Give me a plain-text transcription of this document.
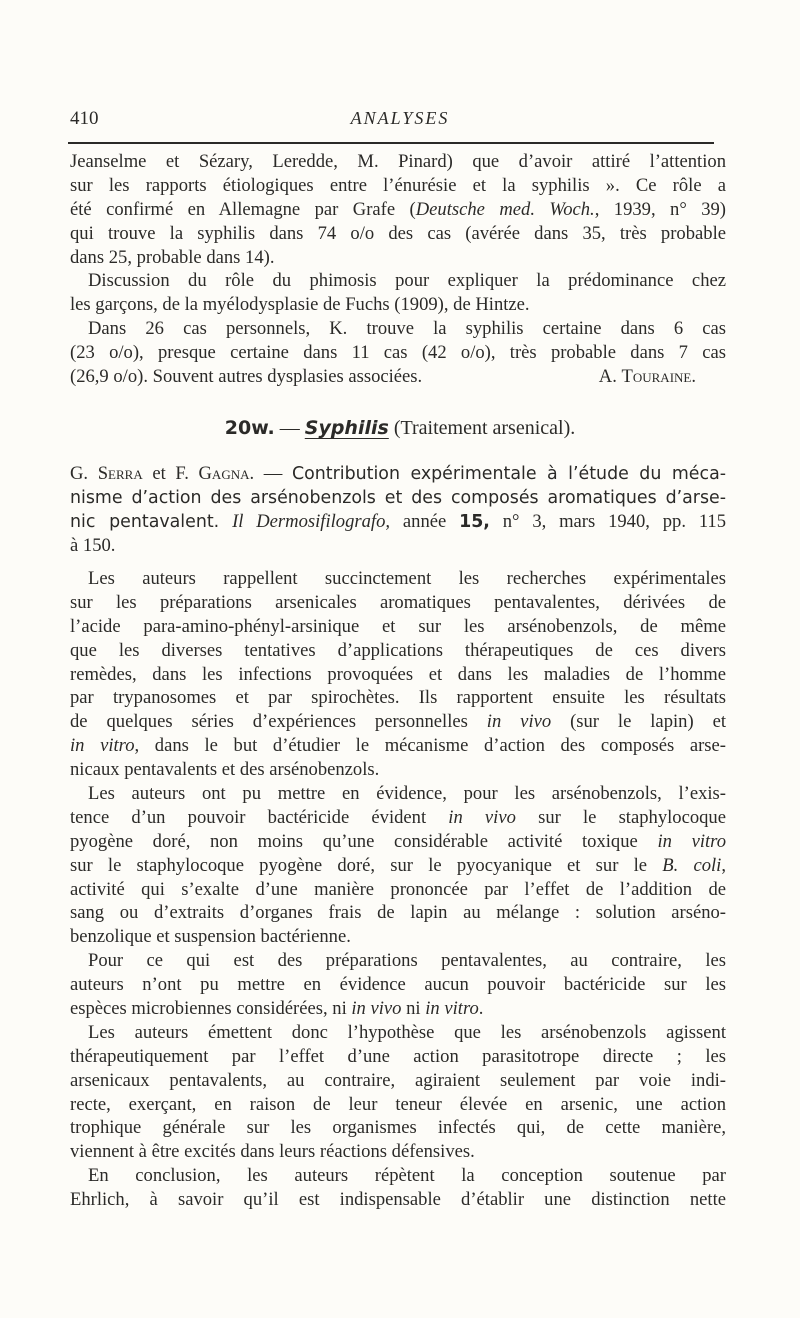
410	ANALYSES
Jeanselme et Sézary, Leredde, M. Pinard) que d’avoir attiré l’attention
sur les rapports étiologiques entre l’énurésie et la syphilis ». Ce rôle a
été confirmé en Allemagne par Grafe (Deutsche med. Woch., 1939, n° 39)
qui trouve la syphilis dans 74 o/o des cas (avérée dans 35, très probable
dans 25, probable dans 14).
Discussion du rôle du phimosis pour expliquer la prédominance chez
les garçons, de la myélodysplasie de Fuchs (1909), de Hintze.
Dans 26 cas personnels, K. trouve la syphilis certaine dans 6 cas
(23 o/o), presque certaine dans 11 cas (42 o/o), très probable dans 7 cas
(26,9 o/o). Souvent autres dysplasies associées.	A. Touraine.
20w. — Syphilis (Traitement arsenical).
G. Serra et F. Gagna. — Contribution expérimentale à l’étude du méca-
nisme d’action des arsénobenzols et des composés aromatiques d’arse-
nic pentavalent. Il Dermosifilografo, année 15, n° 3, mars 1940, pp. 115
à 150.
Les auteurs rappellent succinctement les recherches expérimentales
sur les préparations arsenicales aromatiques pentavalentes, dérivées de
l’acide para-amino-phényl-arsinique et sur les arsénobenzols, de même
que les diverses tentatives d’applications thérapeutiques de ces divers
remèdes, dans les infections provoquées et dans les maladies de l’homme
par trypanosomes et par spirochètes. Ils rapportent ensuite les résultats
de quelques séries d’expériences personnelles in vivo (sur le lapin) et
in vitro, dans le but d’étudier le mécanisme d’action des composés arse-
nicaux pentavalents et des arsénobenzols.
Les auteurs ont pu mettre en évidence, pour les arsénobenzols, l’exis-
tence d’un pouvoir bactéricide évident in vivo sur le staphylocoque
pyogène doré, non moins qu’une considérable activité toxique in vitro
sur le staphylocoque pyogène doré, sur le pyocyanique et sur le B. coli,
activité qui s’exalte d’une manière prononcée par l’effet de l’addition de
sang ou d’extraits d’organes frais de lapin au mélange : solution arséno-
benzolique et suspension bactérienne.
Pour ce qui est des préparations pentavalentes, au contraire, les
auteurs n’ont pu mettre en évidence aucun pouvoir bactéricide sur les
espèces microbiennes considérées, ni in vivo ni in vitro.
Les auteurs émettent donc l’hypothèse que les arsénobenzols agissent
thérapeutiquement par l’effet d’une action parasitotrope directe ; les
arsenicaux pentavalents, au contraire, agiraient seulement par voie indi-
recte, exerçant, en raison de leur teneur élevée en arsenic, une action
trophique générale sur les organismes infectés qui, de cette manière,
viennent à être excités dans leurs réactions défensives.
En conclusion, les auteurs répètent la conception soutenue par
Ehrlich, à savoir qu’il est indispensable d’établir une distinction nette
